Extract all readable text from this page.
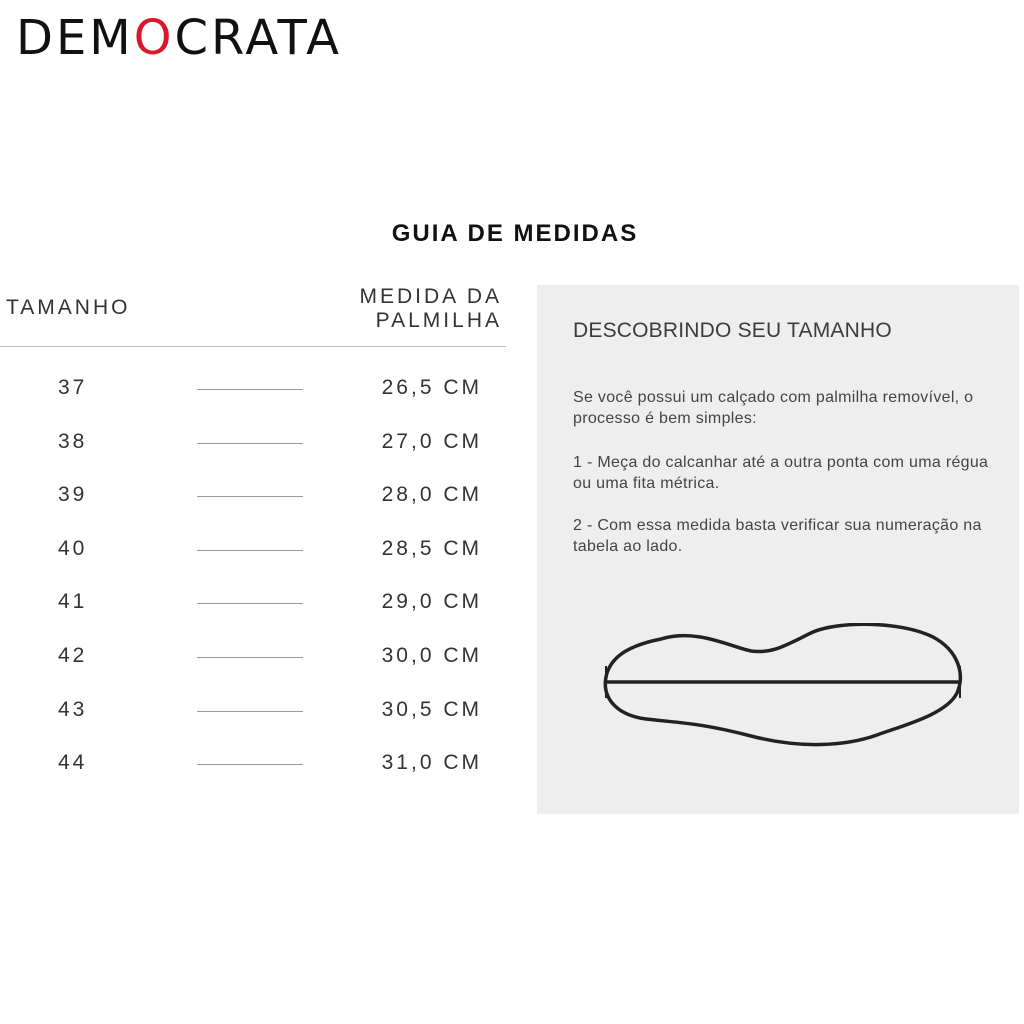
DEMOCRATA
GUIA DE MEDIDAS
TAMANHO	MEDIDA DA
PALMILHA
37	26,5 CM
38	27,0 CM
39	28,0 CM
40	28,5 CM
41	29,0 CM
42	30,0 CM
43	30,5 CM
44	31,0 CM
DESCOBRINDO SEU TAMANHO
Se você possui um calçado com palmilha removível, o processo é bem simples:
1 - Meça do calcanhar até a outra ponta com uma régua ou uma fita métrica.
2 - Com essa medida basta verificar sua numeração na tabela ao lado.
